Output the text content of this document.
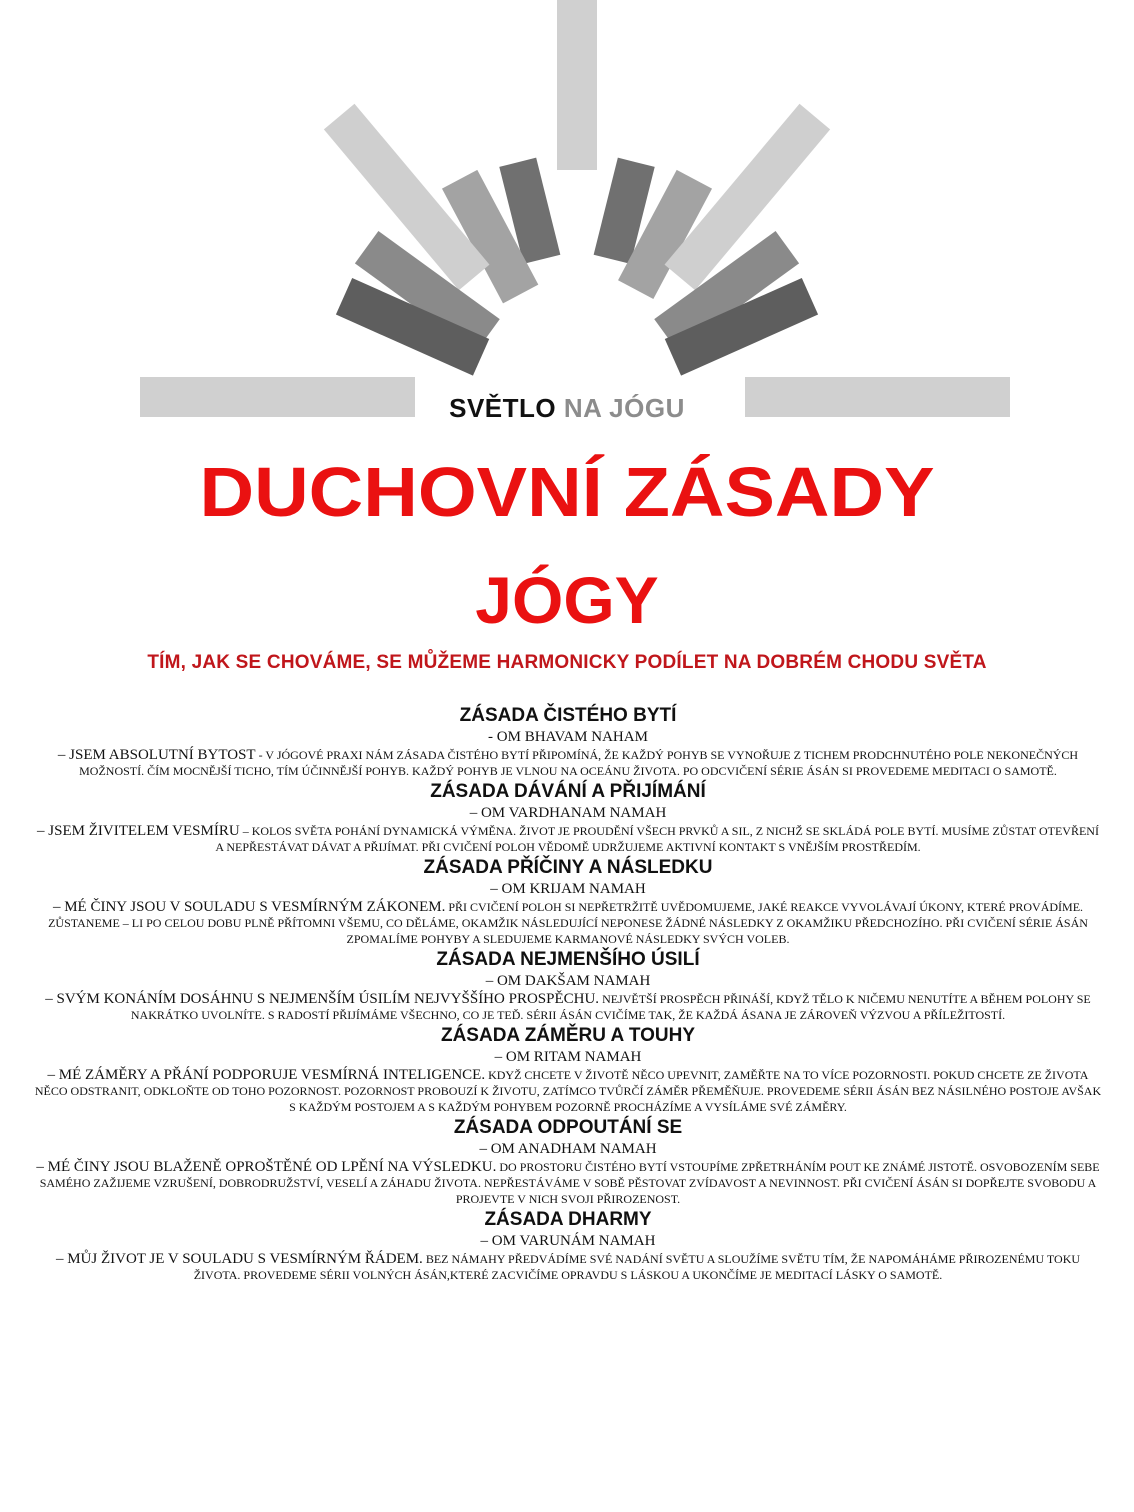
SVĚTLO NA JÓGU
DUCHOVNÍ ZÁSADY
JÓGY
TÍM, JAK SE CHOVÁME, SE MŮŽEME HARMONICKY PODÍLET NA DOBRÉM CHODU SVĚTA
ZÁSADA ČISTÉHO BYTÍ
- OM BHAVAM NAHAM
– JSEM ABSOLUTNÍ BYTOST - V JÓGOVÉ PRAXI NÁM ZÁSADA ČISTÉHO BYTÍ PŘIPOMÍNÁ, ŽE KAŽDÝ POHYB SE VYNOŘUJE Z TICHEM PRODCHNUTÉHO POLE NEKONEČNÝCH MOŽNOSTÍ. ČÍM MOCNĚJŠÍ TICHO, TÍM ÚČINNĚJŠÍ POHYB. KAŽDÝ POHYB JE VLNOU NA OCEÁNU ŽIVOTA. PO ODCVIČENÍ SÉRIE ÁSÁN SI PROVEDEME MEDITACI O SAMOTĚ.
ZÁSADA DÁVÁNÍ A PŘIJÍMÁNÍ
– OM VARDHANAM NAMAH
– JSEM ŽIVITELEM VESMÍRU – KOLOS SVĚTA POHÁNÍ DYNAMICKÁ VÝMĚNA. ŽIVOT JE PROUDĚNÍ VŠECH PRVKŮ A SIL, Z NICHŽ SE SKLÁDÁ POLE BYTÍ. MUSÍME ZŮSTAT OTEVŘENÍ A NEPŘESTÁVAT DÁVAT A PŘIJÍMAT. PŘI CVIČENÍ POLOH VĚDOMĚ UDRŽUJEME AKTIVNÍ KONTAKT S VNĚJŠÍM PROSTŘEDÍM.
ZÁSADA PŘÍČINY A NÁSLEDKU
– OM KRIJAM NAMAH
– MÉ ČINY JSOU V SOULADU S VESMÍRNÝM ZÁKONEM. PŘI CVIČENÍ POLOH SI NEPŘETRŽITĚ UVĚDOMUJEME, JAKÉ REAKCE VYVOLÁVAJÍ ÚKONY, KTERÉ PROVÁDÍME. ZŮSTANEME – LI PO CELOU DOBU PLNĚ PŘÍTOMNI VŠEMU, CO DĚLÁME, OKAMŽIK NÁSLEDUJÍCÍ NEPONESE ŽÁDNÉ NÁSLEDKY Z OKAMŽIKU PŘEDCHOZÍHO. PŘI CVIČENÍ SÉRIE ÁSÁN ZPOMALÍME POHYBY A SLEDUJEME KARMANOVÉ NÁSLEDKY SVÝCH VOLEB.
ZÁSADA NEJMENŠÍHO ÚSILÍ
– OM DAKŠAM NAMAH
– SVÝM KONÁNÍM DOSÁHNU S NEJMENŠÍM ÚSILÍM NEJVYŠŠÍHO PROSPĚCHU. NEJVĚTŠÍ PROSPĚCH PŘINÁŠÍ, KDYŽ TĚLO K NIČEMU NENUTÍTE A BĚHEM POLOHY SE NAKRÁTKO UVOLNÍTE. S RADOSTÍ PŘIJÍMÁME VŠECHNO, CO JE TEĎ. SÉRII ÁSÁN CVIČÍME TAK, ŽE KAŽDÁ ÁSANA JE ZÁROVEŇ VÝZVOU A PŘÍLEŽITOSTÍ.
ZÁSADA ZÁMĚRU A TOUHY
– OM RITAM NAMAH
– MÉ ZÁMĚRY A PŘÁNÍ PODPORUJE VESMÍRNÁ INTELIGENCE. KDYŽ CHCETE V ŽIVOTĚ NĚCO UPEVNIT, ZAMĚŘTE NA TO VÍCE POZORNOSTI. POKUD CHCETE ZE ŽIVOTA NĚCO ODSTRANIT, ODKLOŇTE OD TOHO POZORNOST. POZORNOST PROBOUZÍ K ŽIVOTU, ZATÍMCO TVŮRČÍ ZÁMĚR PŘEMĚŇUJE. PROVEDEME SÉRII ÁSÁN BEZ NÁSILNÉHO POSTOJE AVŠAK S KAŽDÝM POSTOJEM A S KAŽDÝM POHYBEM POZORNĚ PROCHÁZÍME A VYSÍLÁME SVÉ ZÁMĚRY.
ZÁSADA ODPOUTÁNÍ SE
– OM ANADHAM NAMAH
– MÉ ČINY JSOU BLAŽENĚ OPROŠTĚNÉ OD LPĚNÍ NA VÝSLEDKU. DO PROSTORU ČISTÉHO BYTÍ VSTOUPÍME ZPŘETRHÁNÍM POUT KE ZNÁMÉ JISTOTĚ. OSVOBOZENÍM SEBE SAMÉHO ZAŽIJEME VZRUŠENÍ, DOBRODRUŽSTVÍ, VESELÍ A ZÁHADU ŽIVOTA. NEPŘESTÁVÁME V SOBĚ PĚSTOVAT ZVÍDAVOST A NEVINNOST. PŘI CVIČENÍ ÁSÁN SI DOPŘEJTE SVOBODU A PROJEVTE V NICH SVOJI PŘIROZENOST.
ZÁSADA DHARMY
– OM VARUNÁM NAMAH
– MŮJ ŽIVOT JE V SOULADU S VESMÍRNÝM ŘÁDEM. BEZ NÁMAHY PŘEDVÁDÍME SVÉ NADÁNÍ SVĚTU A SLOUŽÍME SVĚTU TÍM, ŽE NAPOMÁHÁME PŘIROZENÉMU TOKU ŽIVOTA. PROVEDEME SÉRII VOLNÝCH ÁSÁN,KTERÉ ZACVIČÍME OPRAVDU S LÁSKOU A UKONČÍME JE MEDITACÍ LÁSKY O SAMOTĚ.
